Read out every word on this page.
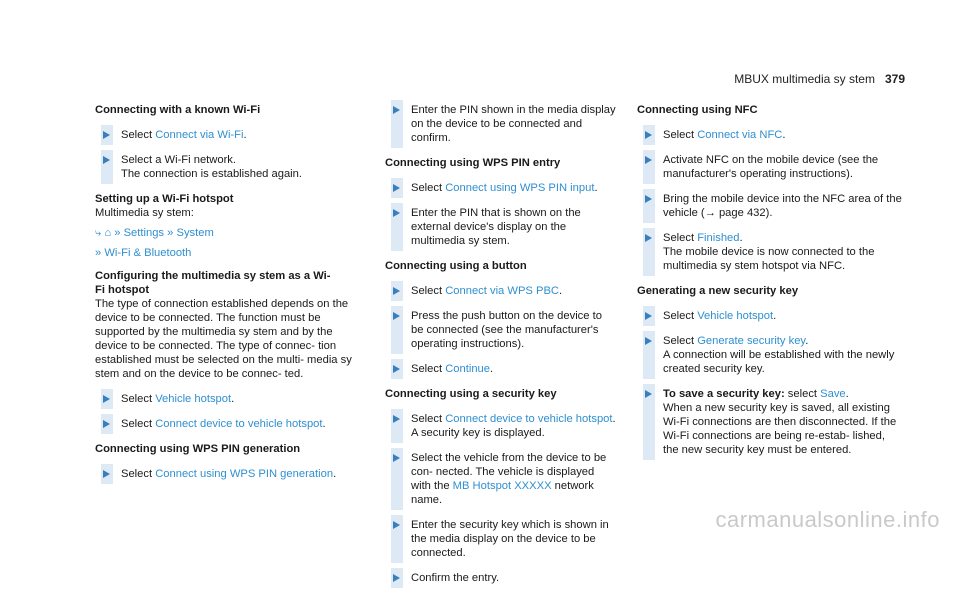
MBUX multimedia sy stem 379
Connecting with a known Wi‑Fi
Select Connect via Wi‑Fi.
Select a Wi‑Fi network.
The connection is established again.
Setting up a Wi‑Fi hotspot
Multimedia sy stem:
⤷ ⌂ » Settings » System
» Wi‑Fi & Bluetooth
Configuring the multimedia sy stem as a Wi‑
Fi hotspot
The type of connection established depends on the device to be connected. The function must be supported by the multimedia sy stem and by the device to be connected. The type of connec‑ tion established must be selected on the multi‑ media sy stem and on the device to be connec‑ ted.
Select Vehicle hotspot.
Select Connect device to vehicle hotspot.
Connecting using WPS PIN generation
Select Connect using WPS PIN generation.
Enter the PIN shown in the media display on the device to be connected and confirm.
Connecting using WPS PIN entry
Select Connect using WPS PIN input.
Enter the PIN that is shown on the external device's display on the multimedia sy stem.
Connecting using a button
Select Connect via WPS PBC.
Press the push button on the device to be connected (see the manufacturer's operating instructions).
Select Continue.
Connecting using a security key
Select Connect device to vehicle hotspot.
A security key is displayed.
Select the vehicle from the device to be con‑ nected. The vehicle is displayed with the MB Hotspot XXXXX network name.
Enter the security key which is shown in the media display on the device to be connected.
Confirm the entry.
Connecting using NFC
Select Connect via NFC.
Activate NFC on the mobile device (see the manufacturer's operating instructions).
Bring the mobile device into the NFC area of the vehicle (→ page 432).
Select Finished.
The mobile device is now connected to the multimedia sy stem hotspot via NFC.
Generating a new security key
Select Vehicle hotspot.
Select Generate security key.
A connection will be established with the newly created security key.
To save a security key: select Save.
When a new security key is saved, all existing Wi‑Fi connections are then disconnected. If the Wi‑Fi connections are being re‑estab‑ lished, the new security key must be entered.
carmanualsonline.info
